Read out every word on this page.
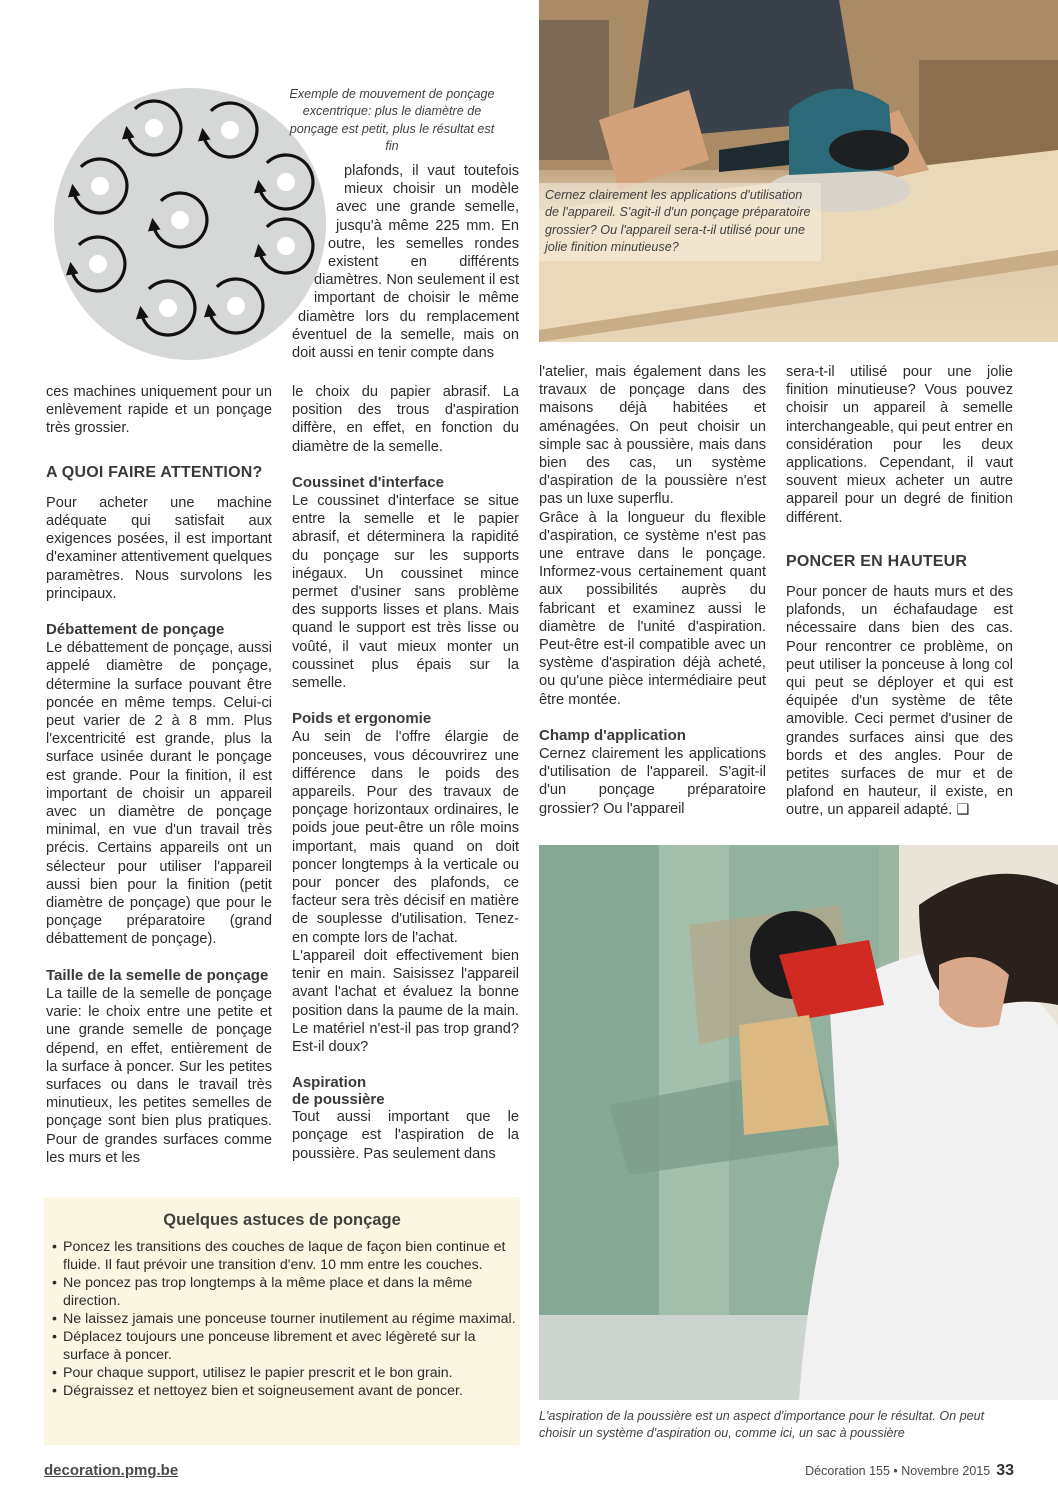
Exemple de mouvement de ponçage excentrique: plus le diamètre de ponçage est petit, plus le résultat est fin
Cernez clairement les applications d'utilisation de l'appareil. S'agit-il d'un ponçage préparatoire grossier? Ou l'appareil sera-t-il utilisé pour une jolie finition minutieuse?

ces machines uniquement pour un enlèvement rapide et un ponçage très grossier.

A QUOI FAIRE ATTENTION?

Pour acheter une machine adéquate qui satisfait aux exigences posées, il est important d'examiner attentivement quelques paramètres. Nous survolons les principaux.

Débattement de ponçage

Le débattement de ponçage, aussi appelé diamètre de ponçage, détermine la surface pouvant être poncée en même temps. Celui-ci peut varier de 2 à 8 mm. Plus l'excentricité est grande, plus la surface usinée durant le ponçage est grande. Pour la finition, il est important de choisir un appareil avec un diamètre de ponçage minimal, en vue d'un travail très précis. Certains appareils ont un sélecteur pour utiliser l'appareil aussi bien pour la finition (petit diamètre de ponçage) que pour le ponçage préparatoire (grand débattement de ponçage).

Taille de la semelle de ponçage

La taille de la semelle de ponçage varie: le choix entre une petite et une grande semelle de ponçage dépend, en effet, entièrement de la surface à poncer. Sur les petites surfaces ou dans le travail très minutieux, les petites semelles de ponçage sont bien plus pratiques. Pour de grandes surfaces comme les murs et les

plafonds, il vaut toutefois mieux choisir un modèle avec une grande semelle, jusqu'à même 225 mm. En outre, les semelles rondes existent en différents diamètres. Non seulement il est important de choisir le même diamètre lors du remplacement éventuel de la semelle, mais on doit aussi en tenir compte dans

le choix du papier abrasif. La position des trous d'aspiration diffère, en effet, en fonction du diamètre de la semelle.

Coussinet d'interface

Le coussinet d'interface se situe entre la semelle et le papier abrasif, et déterminera la rapidité du ponçage sur les supports inégaux. Un coussinet mince permet d'usiner sans problème des supports lisses et plans. Mais quand le support est très lisse ou voûté, il vaut mieux monter un coussinet plus épais sur la semelle.

Poids et ergonomie

Au sein de l'offre élargie de ponceuses, vous découvrirez une différence dans le poids des appareils. Pour des travaux de ponçage horizontaux ordinaires, le poids joue peut-être un rôle moins important, mais quand on doit poncer longtemps à la verticale ou pour poncer des plafonds, ce facteur sera très décisif en matière de souplesse d'utilisation. Tenez-en compte lors de l'achat.

L'appareil doit effectivement bien tenir en main. Saisissez l'appareil avant l'achat et évaluez la bonne position dans la paume de la main. Le matériel n'est-il pas trop grand? Est-il doux?

Aspiration
de poussière

Tout aussi important que le ponçage est l'aspiration de la poussière. Pas seulement dans

l'atelier, mais également dans les travaux de ponçage dans des maisons déjà habitées et aménagées. On peut choisir un simple sac à poussière, mais dans bien des cas, un système d'aspiration de la poussière n'est pas un luxe superflu.

Grâce à la longueur du flexible d'aspiration, ce système n'est pas une entrave dans le ponçage. Informez-vous certainement quant aux possibilités auprès du fabricant et examinez aussi le diamètre de l'unité d'aspiration. Peut-être est-il compatible avec un système d'aspiration déjà acheté, ou qu'une pièce intermédiaire peut être montée.

Champ d'application

Cernez clairement les applications d'utilisation de l'appareil. S'agit-il d'un ponçage préparatoire grossier? Ou l'appareil

sera-t-il utilisé pour une jolie finition minutieuse? Vous pouvez choisir un appareil à semelle interchangeable, qui peut entrer en considération pour les deux applications. Cependant, il vaut souvent mieux acheter un autre appareil pour un degré de finition différent.

PONCER EN HAUTEUR

Pour poncer de hauts murs et des plafonds, un échafaudage est nécessaire dans bien des cas. Pour rencontrer ce problème, on peut utiliser la ponceuse à long col qui peut se déployer et qui est équipée d'un système de tête amovible. Ceci permet d'usiner de grandes surfaces ainsi que des bords et des angles. Pour de petites surfaces de mur et de plafond en hauteur, il existe, en outre, un appareil adapté. ❑

L'aspiration de la poussière est un aspect d'importance pour le résultat. On peut choisir un système d'aspiration ou, comme ici, un sac à poussière
Quelques astuces de ponçage
• Poncez les transitions des couches de laque de façon bien continue et fluide. Il faut prévoir une transition d'env. 10 mm entre les couches.
• Ne poncez pas trop longtemps à la même place et dans la même direction.
• Ne laissez jamais une ponceuse tourner inutilement au régime maximal.
• Déplacez toujours une ponceuse librement et avec légèreté sur la surface à poncer.
• Pour chaque support, utilisez le papier prescrit et le bon grain.
• Dégraissez et nettoyez bien et soigneusement avant de poncer.
decoration.pmg.be	Décoration 155 • Novembre 2015 33
